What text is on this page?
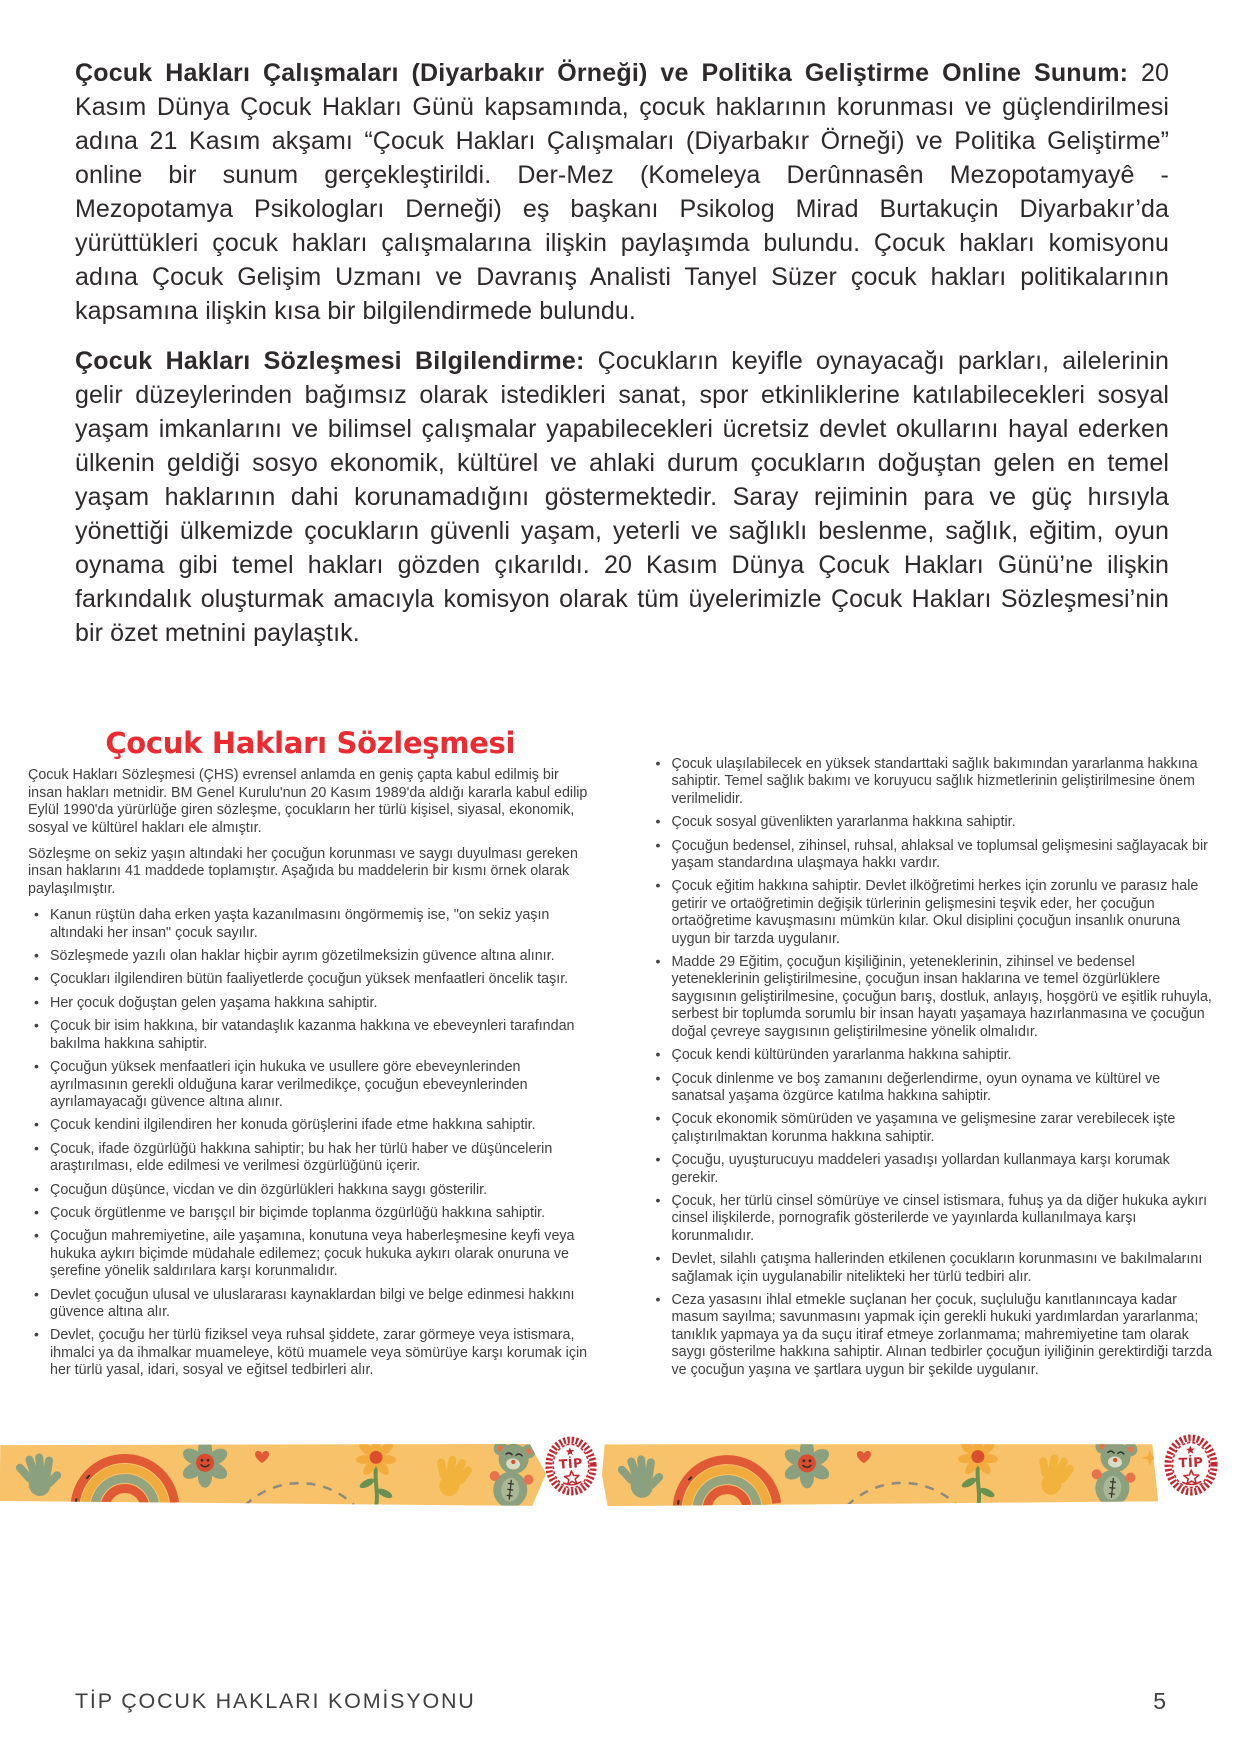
Çocuk Hakları Çalışmaları (Diyarbakır Örneği) ve Politika Geliştirme Online Sunum: 20 Kasım Dünya Çocuk Hakları Günü kapsamında, çocuk haklarının korunması ve güçlendirilmesi adına 21 Kasım akşamı “Çocuk Hakları Çalışmaları (Diyarbakır Örneği) ve Politika Geliştirme” online bir sunum gerçekleştirildi. Der-Mez (Komeleya Derûnnasên Mezopotamyayê - Mezopotamya Psikologları Derneği) eş başkanı Psikolog Mirad Burtakuçin Diyarbakır’da yürüttükleri çocuk hakları çalışmalarına ilişkin paylaşımda bulundu. Çocuk hakları komisyonu adına Çocuk Gelişim Uzmanı ve Davranış Analisti Tanyel Süzer çocuk hakları politikalarının kapsamına ilişkin kısa bir bilgilendirmede bulundu.

Çocuk Hakları Sözleşmesi Bilgilendirme: Çocukların keyifle oynayacağı parkları, ailelerinin gelir düzeylerinden bağımsız olarak istedikleri sanat, spor etkinliklerine katılabilecekleri sosyal yaşam imkanlarını ve bilimsel çalışmalar yapabilecekleri ücretsiz devlet okullarını hayal ederken ülkenin geldiği sosyo ekonomik, kültürel ve ahlaki durum çocukların doğuştan gelen en temel yaşam haklarının dahi korunamadığını göstermektedir. Saray rejiminin para ve güç hırsıyla yönettiği ülkemizde çocukların güvenli yaşam, yeterli ve sağlıklı beslenme, sağlık, eğitim, oyun oynama gibi temel hakları gözden çıkarıldı. 20 Kasım Dünya Çocuk Hakları Günü’ne ilişkin farkındalık oluşturmak amacıyla komisyon olarak tüm üyelerimizle Çocuk Hakları Sözleşmesi’nin bir özet metnini paylaştık.

Çocuk Hakları Sözleşmesi

Çocuk Hakları Sözleşmesi (ÇHS) evrensel anlamda en geniş çapta kabul edilmiş bir insan hakları metnidir. BM Genel Kurulu'nun 20 Kasım 1989'da aldığı kararla kabul edilip Eylül 1990'da yürürlüğe giren sözleşme, çocukların her türlü kişisel, siyasal, ekonomik, sosyal ve kültürel hakları ele almıştır.

Sözleşme on sekiz yaşın altındaki her çocuğun korunması ve saygı duyulması gereken insan haklarını 41 maddede toplamıştır. Aşağıda bu maddelerin bir kısmı örnek olarak paylaşılmıştır.

• Kanun rüştün daha erken yaşta kazanılmasını öngörmemiş ise, "on sekiz yaşın altındaki her insan" çocuk sayılır.
• Sözleşmede yazılı olan haklar hiçbir ayrım gözetilmeksizin güvence altına alınır.
• Çocukları ilgilendiren bütün faaliyetlerde çocuğun yüksek menfaatleri öncelik taşır.
• Her çocuk doğuştan gelen yaşama hakkına sahiptir.
• Çocuk bir isim hakkına, bir vatandaşlık kazanma hakkına ve ebeveynleri tarafından bakılma hakkına sahiptir.
• Çocuğun yüksek menfaatleri için hukuka ve usullere göre ebeveynlerinden ayrılmasının gerekli olduğuna karar verilmedikçe, çocuğun ebeveynlerinden ayrılamayacağı güvence altına alınır.
• Çocuk kendini ilgilendiren her konuda görüşlerini ifade etme hakkına sahiptir.
• Çocuk, ifade özgürlüğü hakkına sahiptir; bu hak her türlü haber ve düşüncelerin araştırılması, elde edilmesi ve verilmesi özgürlüğünü içerir.
• Çocuğun düşünce, vicdan ve din özgürlükleri hakkına saygı gösterilir.
• Çocuk örgütlenme ve barışçıl bir biçimde toplanma özgürlüğü hakkına sahiptir.
• Çocuğun mahremiyetine, aile yaşamına, konutuna veya haberleşmesine keyfi veya hukuka aykırı biçimde müdahale edilemez; çocuk hukuka aykırı olarak onuruna ve şerefine yönelik saldırılara karşı korunmalıdır.
• Devlet çocuğun ulusal ve uluslararası kaynaklardan bilgi ve belge edinmesi hakkını güvence altına alır.
• Devlet, çocuğu her türlü fiziksel veya ruhsal şiddete, zarar görmeye veya istismara, ihmalci ya da ihmalkar muameleye, kötü muamele veya sömürüye karşı korumak için her türlü yasal, idari, sosyal ve eğitsel tedbirleri alır.
• Çocuk ulaşılabilecek en yüksek standarttaki sağlık bakımından yararlanma hakkına sahiptir. Temel sağlık bakımı ve koruyucu sağlık hizmetlerinin geliştirilmesine önem verilmelidir.
• Çocuk sosyal güvenlikten yararlanma hakkına sahiptir.
• Çocuğun bedensel, zihinsel, ruhsal, ahlaksal ve toplumsal gelişmesini sağlayacak bir yaşam standardına ulaşmaya hakkı vardır.
• Çocuk eğitim hakkına sahiptir. Devlet ilköğretimi herkes için zorunlu ve parasız hale getirir ve ortaöğretimin değişik türlerinin gelişmesini teşvik eder, her çocuğun ortaöğretime kavuşmasını mümkün kılar. Okul disiplini çocuğun insanlık onuruna uygun bir tarzda uygulanır.
• Madde 29 Eğitim, çocuğun kişiliğinin, yeteneklerinin, zihinsel ve bedensel yeteneklerinin geliştirilmesine, çocuğun insan haklarına ve temel özgürlüklere saygısının geliştirilmesine, çocuğun barış, dostluk, anlayış, hoşgörü ve eşitlik ruhuyla, serbest bir toplumda sorumlu bir insan hayatı yaşamaya hazırlanmasına ve çocuğun doğal çevreye saygısının geliştirilmesine yönelik olmalıdır.
• Çocuk kendi kültüründen yararlanma hakkına sahiptir.
• Çocuk dinlenme ve boş zamanını değerlendirme, oyun oynama ve kültürel ve sanatsal yaşama özgürce katılma hakkına sahiptir.
• Çocuk ekonomik sömürüden ve yaşamına ve gelişmesine zarar verebilecek işte çalıştırılmaktan korunma hakkına sahiptir.
• Çocuğu, uyuşturucuyu maddeleri yasadışı yollardan kullanmaya karşı korumak gerekir.
• Çocuk, her türlü cinsel sömürüye ve cinsel istismara, fuhuş ya da diğer hukuka aykırı cinsel ilişkilerde, pornografik gösterilerde ve yayınlarda kullanılmaya karşı korunmalıdır.
• Devlet, silahlı çatışma hallerinden etkilenen çocukların korunmasını ve bakılmalarını sağlamak için uygulanabilir nitelikteki her türlü tedbiri alır.
• Ceza yasasını ihlal etmekle suçlanan her çocuk, suçluluğu kanıtlanıncaya kadar masum sayılma; savunmasını yapmak için gerekli hukuki yardımlardan yararlanma; tanıklık yapmaya ya da suçu itiraf etmeye zorlanmama; mahremiyetine tam olarak saygı gösterilme hakkına sahiptir. Alınan tedbirler çocuğun iyiliğinin gerektirdiği tarzda ve çocuğun yaşına ve şartlara uygun bir şekilde uygulanır.
TİP	TİP
TİP ÇOCUK HAKLARI KOMİSYONU	5
